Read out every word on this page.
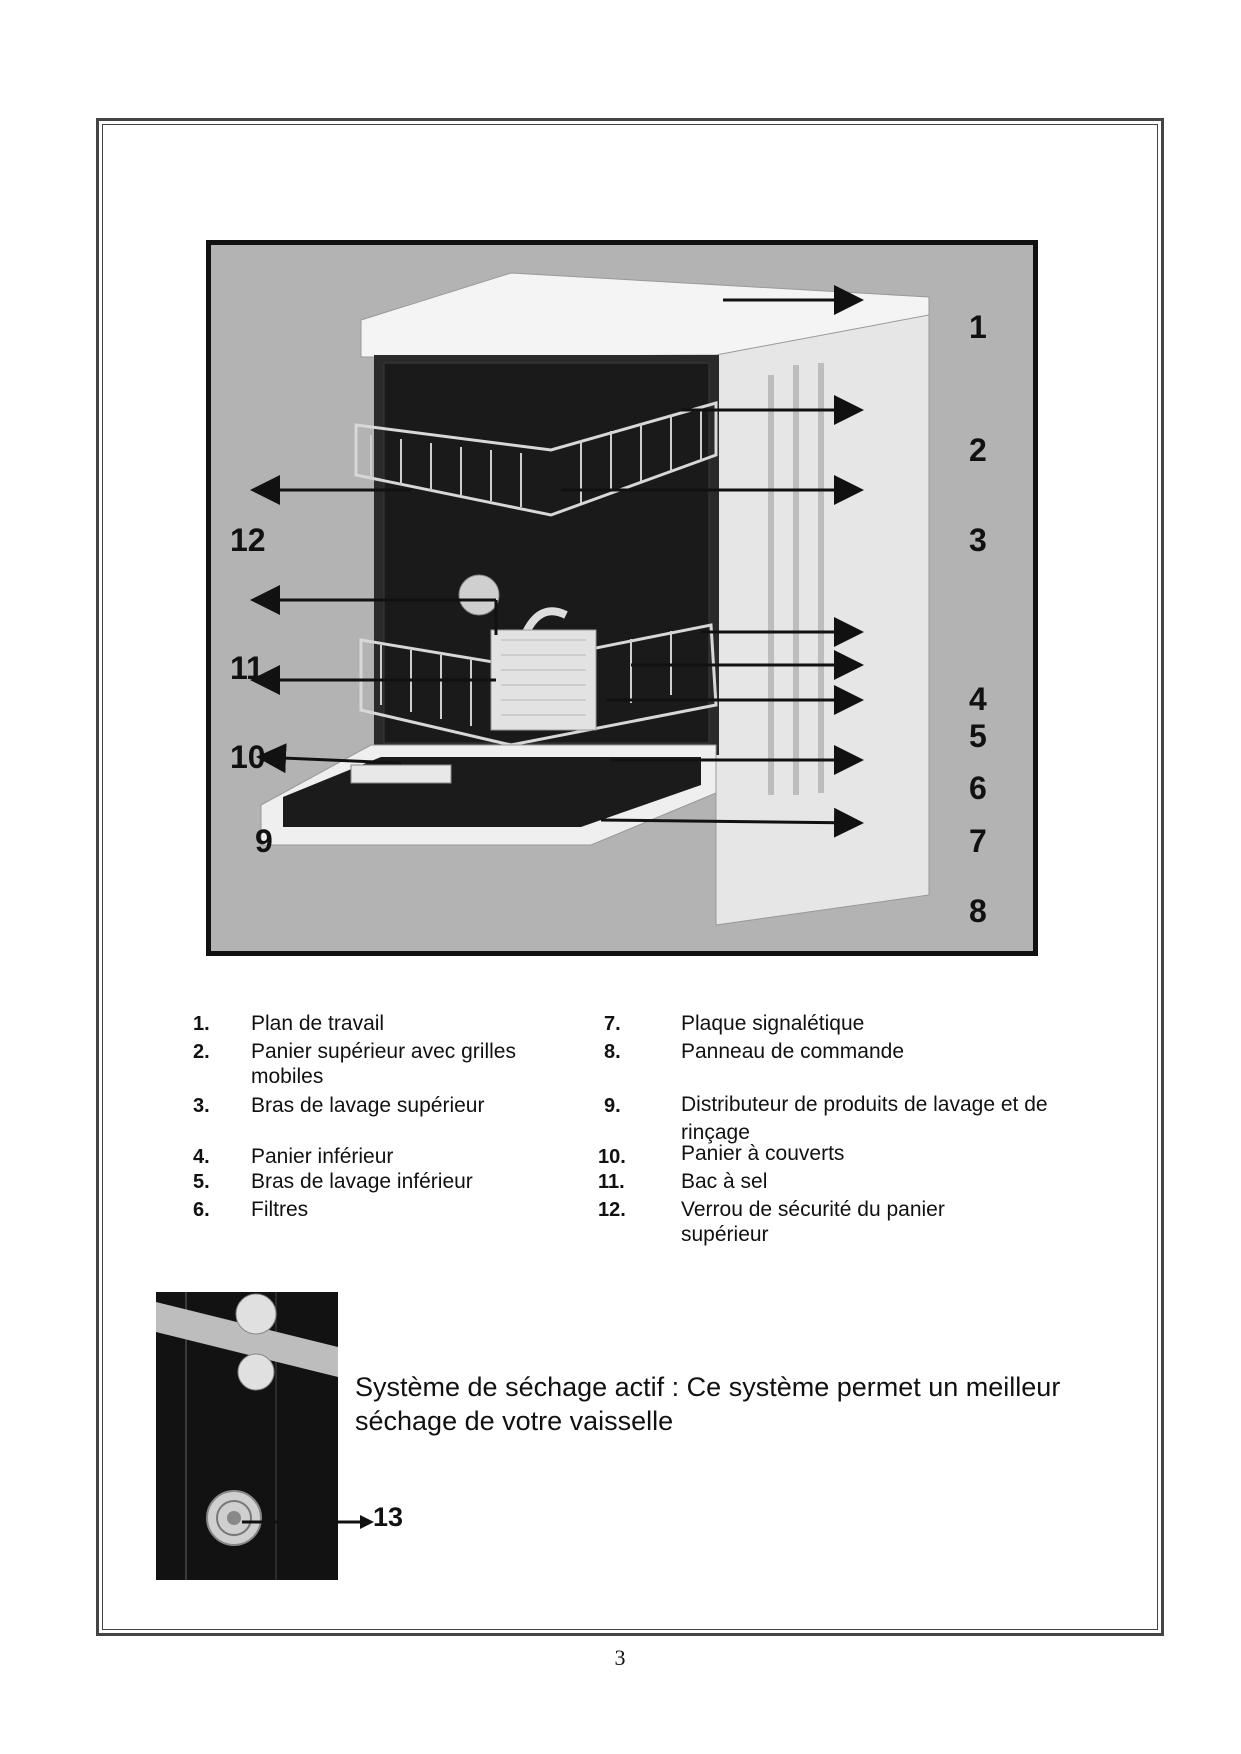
1
2
3
4
5
6
7
8
9
10
11
12
1. Plan de travail
2. Panier supérieur avec grilles mobiles
3. Bras de lavage supérieur
4. Panier inférieur
5. Bras de lavage inférieur
6. Filtres
7.	Plaque signalétique
8.	Panneau de commande
9.	Distributeur de produits de lavage et de rinçage
10.	Panier à couverts
11.	Bac à sel
12.	Verrou de sécurité du panier supérieur
13
Système de séchage actif : Ce système permet un meilleur séchage de votre vaisselle
3
